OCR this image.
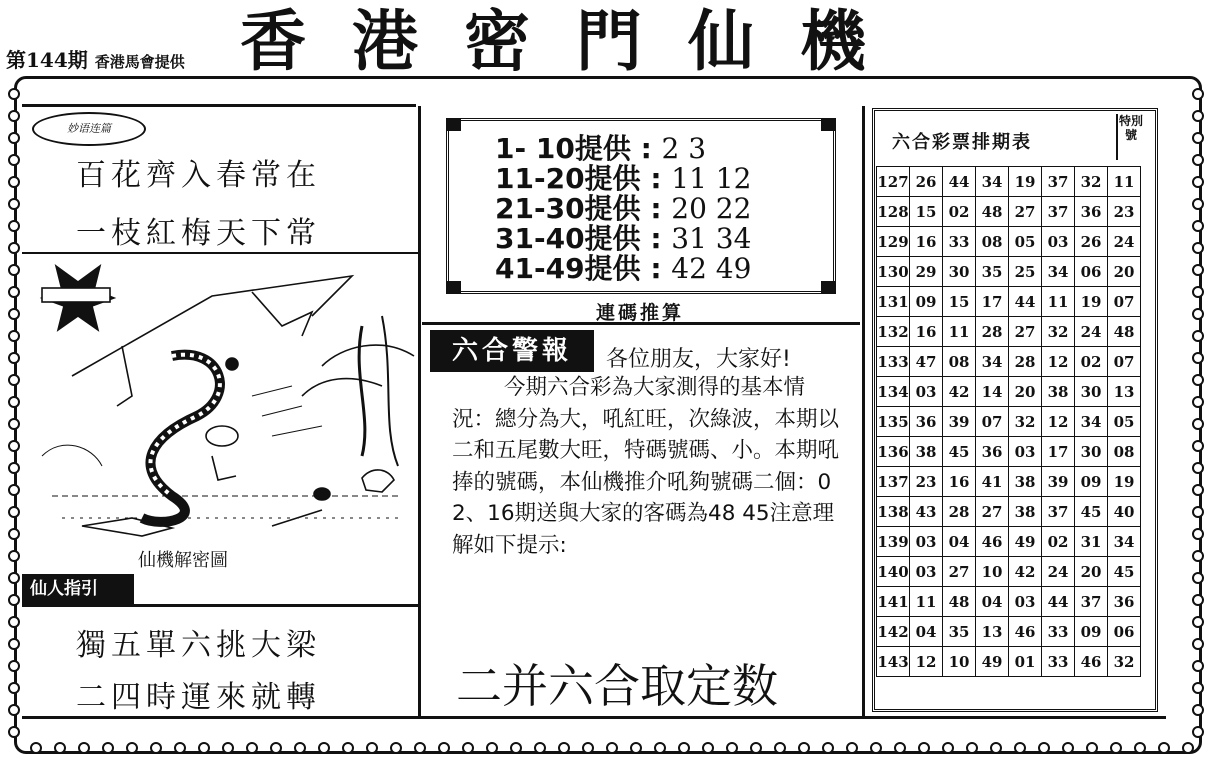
第144期 香港馬會提供 香港密門仙機
妙语连篇
百花齊入春常在
一枝紅梅天下常
仙機解密圖
仙人指引
獨五單六挑大梁
二四時運來就轉
1- 10提供 : 2 3
11-20提供 : 11 12
21-30提供 : 20 22
31-40提供 : 31 34
41-49提供 : 42 49
連碼推算
六合警報	各位朋友，大家好!
今期六合彩為大家測得的基本情況：總分為大，吼紅旺，次綠波，本期以二和五尾數大旺，特碼號碼、小。本期吼捧的號碼，本仙機推介吼夠號碼二個：02、16期送與大家的客碼為48 45注意理解如下提示:
二并六合取定数
六合彩票排期表
特別號
127	26	44	34	19	37	32	11
128	15	02	48	27	37	36	23
129	16	33	08	05	03	26	24
130	29	30	35	25	34	06	20
131	09	15	17	44	11	19	07
132	16	11	28	27	32	24	48
133	47	08	34	28	12	02	07
134	03	42	14	20	38	30	13
135	36	39	07	32	12	34	05
136	38	45	36	03	17	30	08
137	23	16	41	38	39	09	19
138	43	28	27	38	37	45	40
139	03	04	46	49	02	31	34
140	03	27	10	42	24	20	45
141	11	48	04	03	44	37	36
142	04	35	13	46	33	09	06
143	12	10	49	01	33	46	32
